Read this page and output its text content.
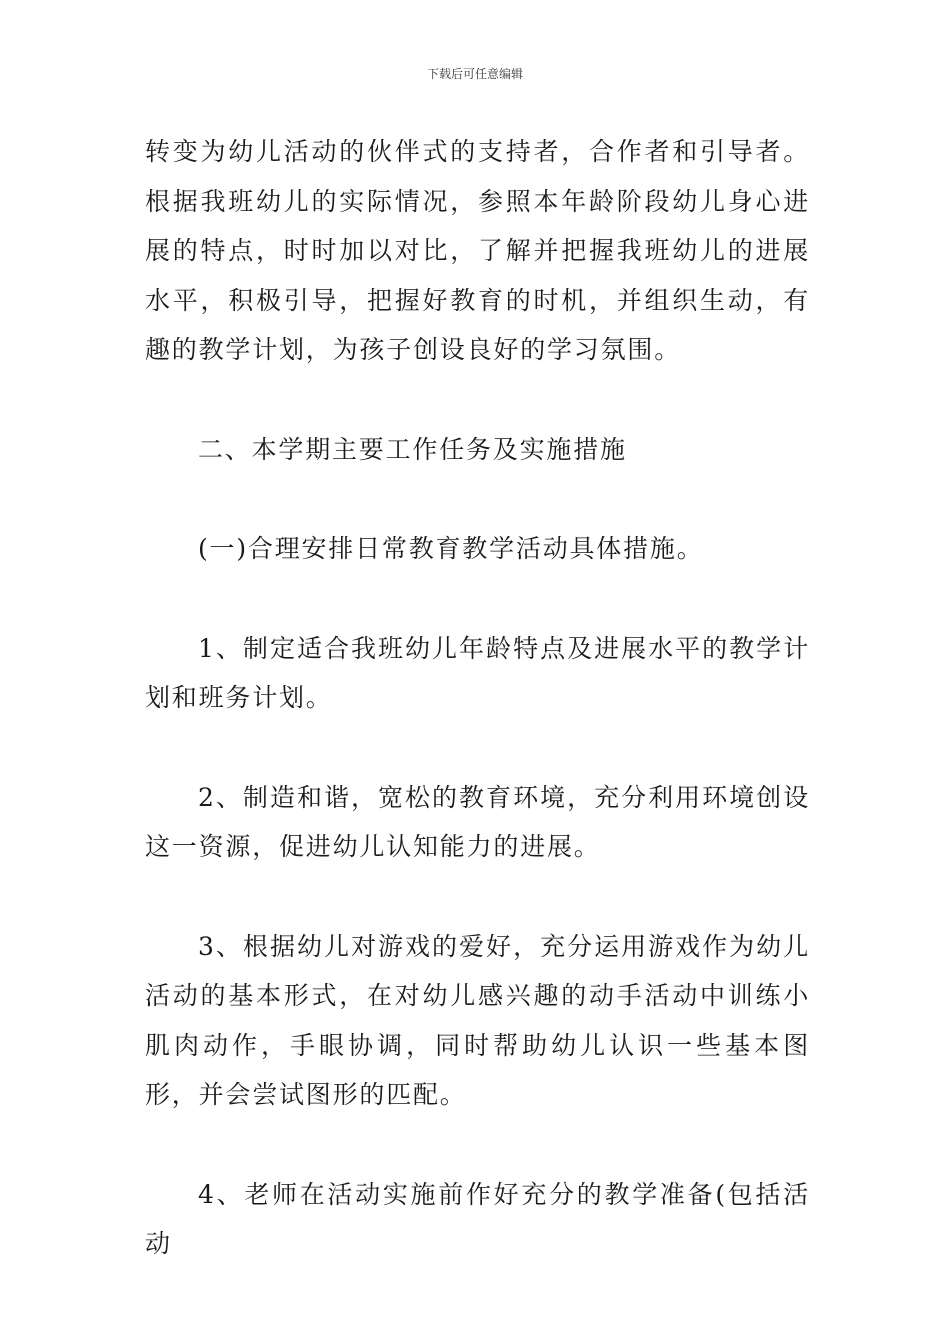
下载后可任意编辑

转变为幼儿活动的伙伴式的支持者，合作者和引导者。根据我班幼儿的实际情况，参照本年龄阶段幼儿身心进展的特点，时时加以对比，了解并把握我班幼儿的进展水平，积极引导，把握好教育的时机，并组织生动，有趣的教学计划，为孩子创设良好的学习氛围。

二、本学期主要工作任务及实施措施

(一)合理安排日常教育教学活动具体措施。

1、制定适合我班幼儿年龄特点及进展水平的教学计划和班务计划。

2、制造和谐，宽松的教育环境，充分利用环境创设这一资源，促进幼儿认知能力的进展。

3、根据幼儿对游戏的爱好，充分运用游戏作为幼儿活动的基本形式，在对幼儿感兴趣的动手活动中训练小肌肉动作，手眼协调，同时帮助幼儿认识一些基本图形，并会尝试图形的匹配。

4、老师在活动实施前作好充分的教学准备(包括活动
